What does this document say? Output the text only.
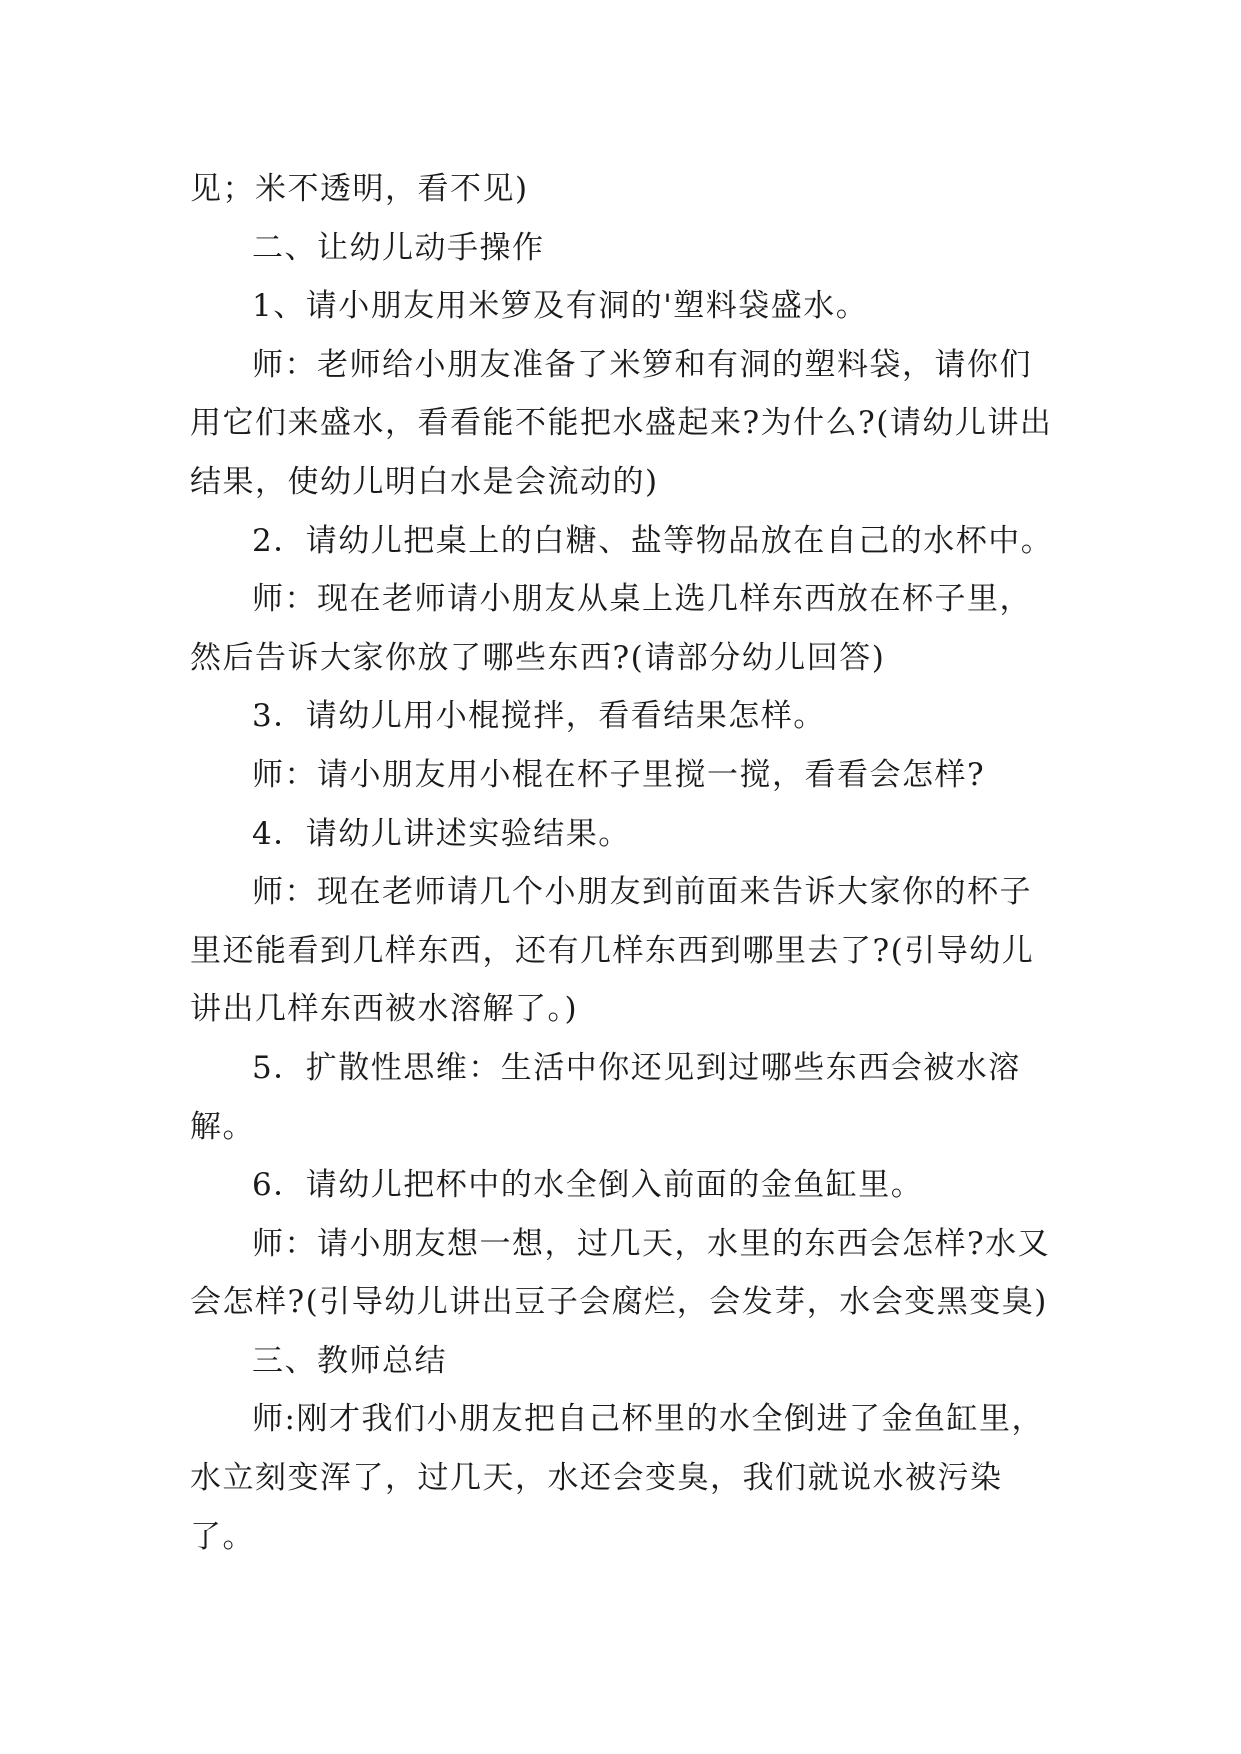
见；米不透明，看不见)

二、让幼儿动手操作

1、请小朋友用米箩及有洞的'塑料袋盛水。

师：老师给小朋友准备了米箩和有洞的塑料袋，请你们用它们来盛水，看看能不能把水盛起来?为什么?(请幼儿讲出结果，使幼儿明白水是会流动的)

2．请幼儿把桌上的白糖、盐等物品放在自己的水杯中。

师：现在老师请小朋友从桌上选几样东西放在杯子里，然后告诉大家你放了哪些东西?(请部分幼儿回答)

3．请幼儿用小棍搅拌，看看结果怎样。

师：请小朋友用小棍在杯子里搅一搅，看看会怎样?

4．请幼儿讲述实验结果。

师：现在老师请几个小朋友到前面来告诉大家你的杯子里还能看到几样东西，还有几样东西到哪里去了?(引导幼儿讲出几样东西被水溶解了。)

5．扩散性思维：生活中你还见到过哪些东西会被水溶解。

6．请幼儿把杯中的水全倒入前面的金鱼缸里。

师：请小朋友想一想，过几天，水里的东西会怎样?水又会怎样?(引导幼儿讲出豆子会腐烂，会发芽，水会变黑变臭)

三、教师总结

师:刚才我们小朋友把自己杯里的水全倒进了金鱼缸里，水立刻变浑了，过几天，水还会变臭，我们就说水被污染了。
